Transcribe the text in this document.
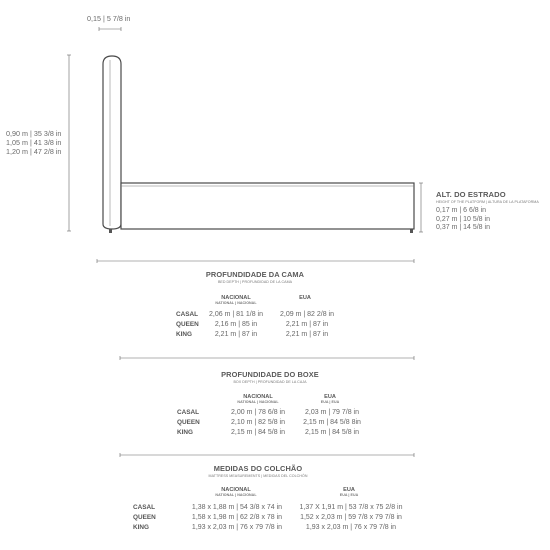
0,15 | 5 7/8 in
0,90 m | 35 3/8 in
1,05 m | 41 3/8 in
1,20 m | 47 2/8 in
ALT. DO ESTRADO
HEIGHT OF THE PLATFORM | ALTURA DE LA PLATAFORMA
0,17 m | 6 6/8 in
0,27 m | 10 5/8 in
0,37 m | 14 5/8 in
PROFUNDIDADE DA CAMA
BED DEPTH | PROFUNDIDAD DE LA CAMA
NACIONAL
NATIONAL | NACIONAL
EUA
CASAL
QUEEN
KING
2,06 m | 81 1/8 in
2,16 m | 85 in
2,21 m | 87 in
2,09 m | 82 2/8 in
2,21 m | 87 in
2,21 m | 87 in
PROFUNDIDADE DO BOXE
BOX DEPTH | PROFUNDIDAD DE LA CAJA
NACIONAL
NATIONAL | NACIONAL
EUA
EUA | EUA
CASAL
QUEEN
KING
2,00 m | 78 6/8 in
2,10 m | 82 5/8 in
2,15 m | 84 5/8 in
2,03 m | 79 7/8 in
2,15 m | 84 5/8 8in
2,15 m | 84 5/8 in
MEDIDAS DO COLCHÃO
MATTRESS MEASUREMENTS | MEDIDAS DEL COLCHÓN
NACIONAL
NATIONAL | NACIONAL
EUA
EUA | EUA
CASAL
QUEEN
KING
1,38 x 1,88 m | 54 3/8 x 74 in
1,58 x 1,98 m | 62 2/8 x 78 in
1,93 x 2,03 m | 76 x 79 7/8 in
1,37 X 1,91 m | 53 7/8 x 75 2/8 in
1,52 x 2,03 m | 59 7/8 x 79 7/8 in
1,93 x 2,03 m | 76 x 79 7/8 in
